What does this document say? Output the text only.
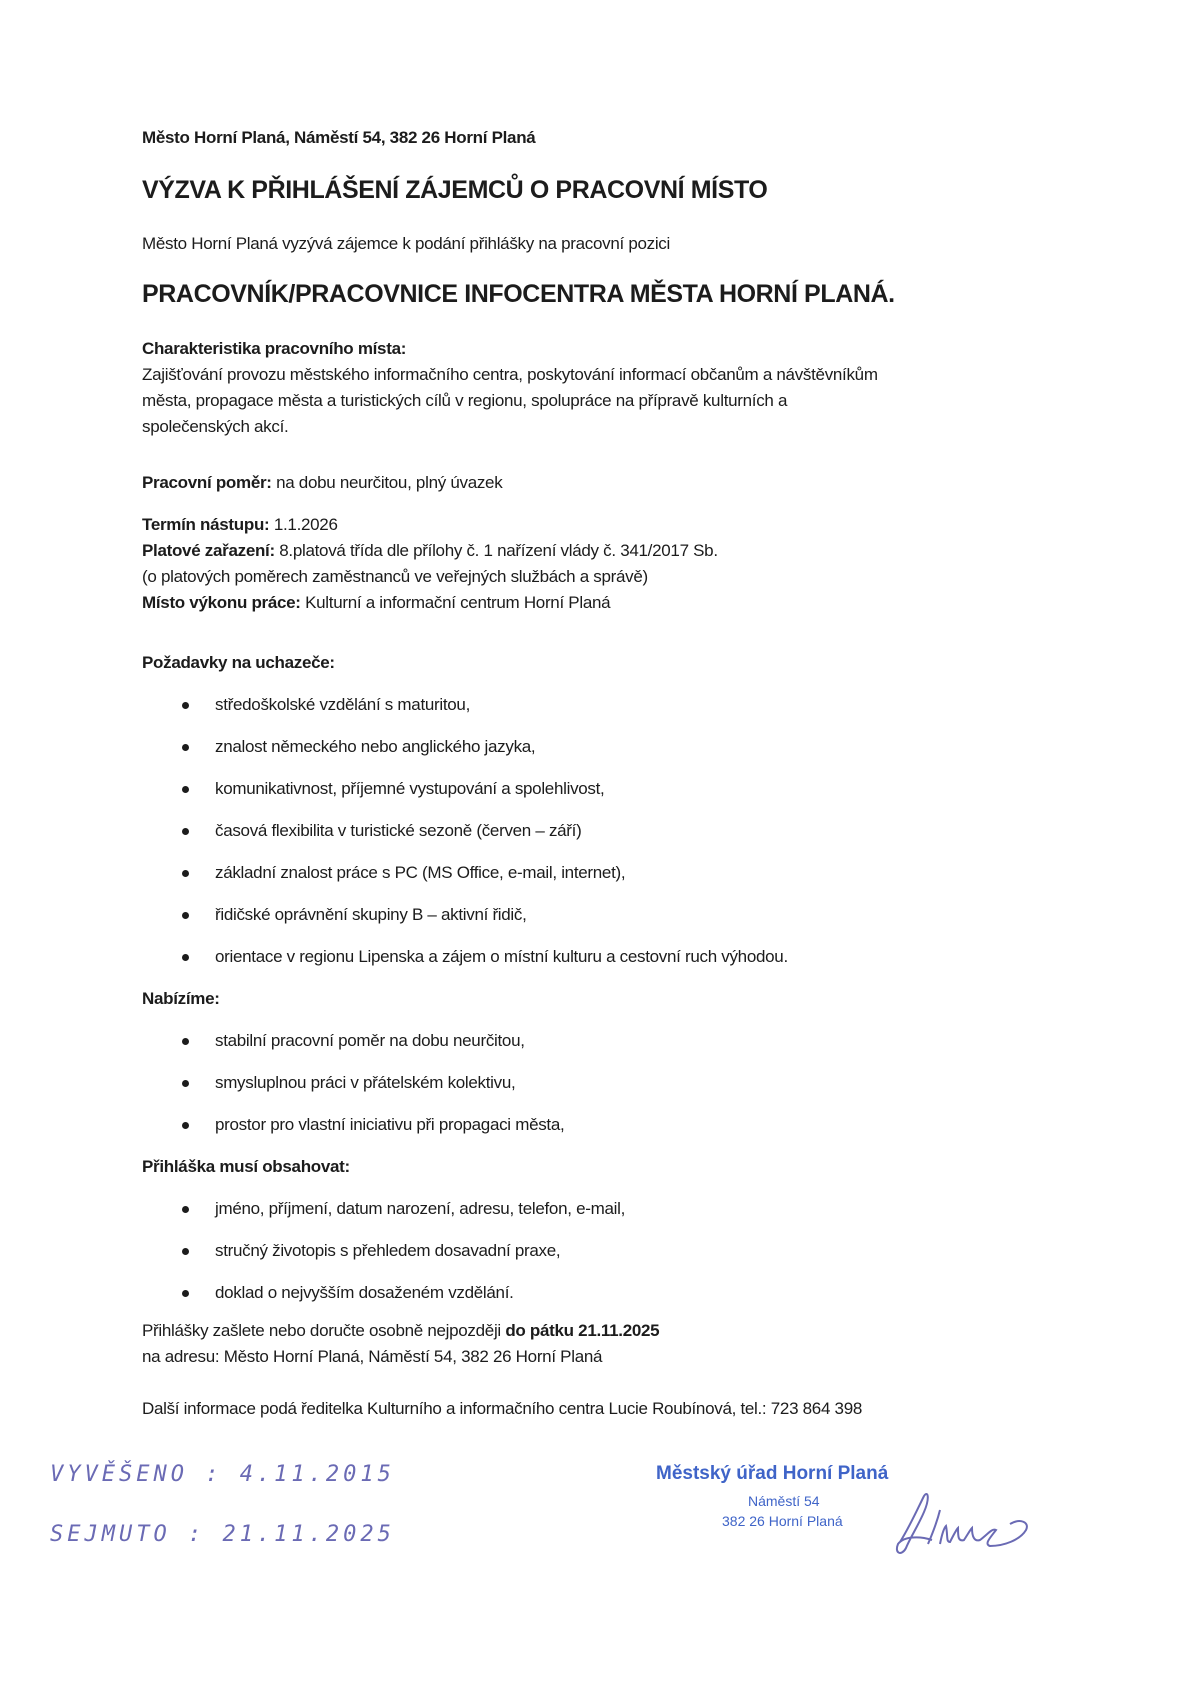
Město Horní Planá, Náměstí 54, 382 26 Horní Planá
VÝZVA K PŘIHLÁŠENÍ ZÁJEMCŮ O PRACOVNÍ MÍSTO
Město Horní Planá vyzývá zájemce k podání přihlášky na pracovní pozici
PRACOVNÍK/PRACOVNICE INFOCENTRA MĚSTA HORNÍ PLANÁ.
Charakteristika pracovního místa:
Zajišťování provozu městského informačního centra, poskytování informací občanům a návštěvníkům
města, propagace města a turistických cílů v regionu, spolupráce na přípravě kulturních a
společenských akcí.
Pracovní poměr: na dobu neurčitou, plný úvazek
Termín nástupu: 1.1.2026
Platové zařazení: 8.platová třída dle přílohy č. 1 nařízení vlády č. 341/2017 Sb.
(o platových poměrech zaměstnanců ve veřejných službách a správě)
Místo výkonu práce: Kulturní a informační centrum Horní Planá
Požadavky na uchazeče:
středoškolské vzdělání s maturitou,
znalost německého nebo anglického jazyka,
komunikativnost, příjemné vystupování a spolehlivost,
časová flexibilita v turistické sezoně (červen – září)
základní znalost práce s PC (MS Office, e-mail, internet),
řidičské oprávnění skupiny B – aktivní řidič,
orientace v regionu Lipenska a zájem o místní kulturu a cestovní ruch výhodou.
Nabízíme:
stabilní pracovní poměr na dobu neurčitou,
smysluplnou práci v přátelském kolektivu,
prostor pro vlastní iniciativu při propagaci města,
Přihláška musí obsahovat:
jméno, příjmení, datum narození, adresu, telefon, e-mail,
stručný životopis s přehledem dosavadní praxe,
doklad o nejvyšším dosaženém vzdělání.
Přihlášky zašlete nebo doručte osobně nejpozději do pátku 21.11.2025
na adresu: Město Horní Planá, Náměstí 54, 382 26 Horní Planá
Další informace podá ředitelka Kulturního a informačního centra Lucie Roubínová, tel.: 723 864 398
VYVĚŠENO : 4.11.2015
SEJMUTO : 21.11.2025
Městský úřad Horní Planá
Náměstí 54
382 26 Horní Planá
